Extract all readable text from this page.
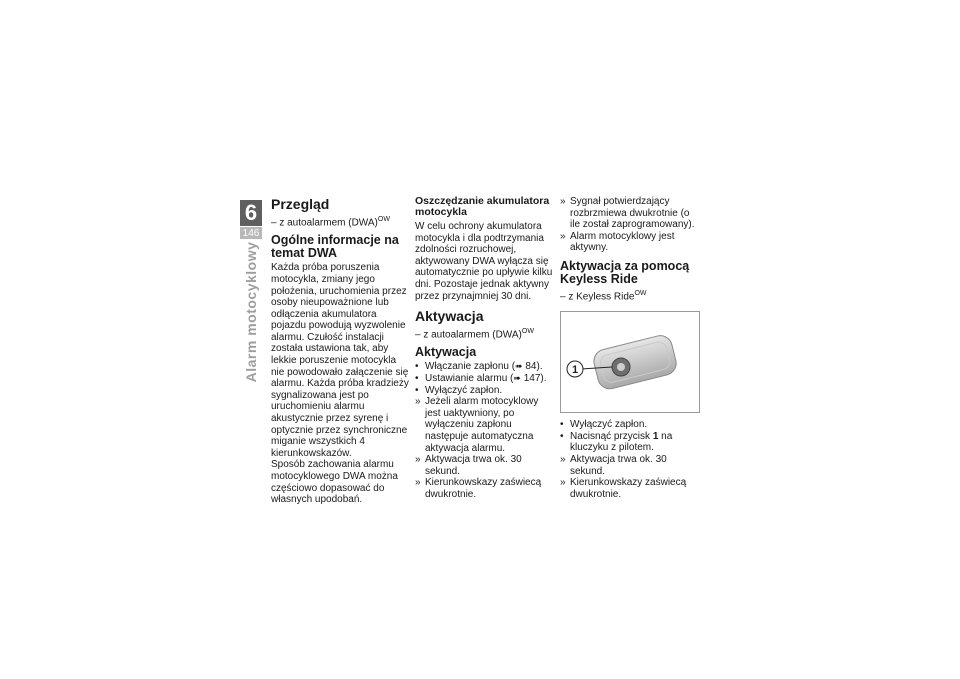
6
146
Alarm motocyklowy
Przegląd
– z autoalarmem (DWA)$^{OW}$
Ogólne informacje na temat DWA

Każda próba poruszenia motocykla, zmiany jego położenia, uruchomienia przez osoby nieupoważnione lub odłączenia akumulatora pojazdu powodują wyzwolenie alarmu. Czułość instalacji została ustawiona tak, aby lekkie poruszenie motocykla nie powodowało załączenie się alarmu. Każda próba kradzieży sygnalizowana jest po uruchomieniu alarmu akustycznie przez syrenę i optycznie przez synchroniczne miganie wszystkich 4 kierunkowskazów.

Sposób zachowania alarmu motocyklowego DWA można częściowo dopasować do własnych upodobań.

Oszczędzanie akumulatora motocykla

W celu ochrony akumulatora motocykla i dla podtrzymania zdolności rozruchowej, aktywowany DWA wyłącza się automatycznie po upływie kilku dni. Pozostaje jednak aktywny przez przynajmniej 30 dni.

Aktywacja
– z autoalarmem (DWA)$^{OW}$
Aktywacja
• Włączanie zapłonu (➠ 84).
• Ustawianie alarmu (➠ 147).
• Wyłączyć zapłon.
» Jeżeli alarm motocyklowy jest uaktywniony, po wyłączeniu zapłonu następuje automatyczna aktywacja alarmu.
» Aktywacja trwa ok. 30 sekund.
» Kierunkowskazy zaświecą dwukrotnie.
» Sygnał potwierdzający rozbrzmiewa dwukrotnie (o ile został zaprogramowany).
» Alarm motocyklowy jest aktywny.
Aktywacja za pomocą Keyless Ride
– z Keyless Ride$^{OW}$
1
• Wyłączyć zapłon.
• Nacisnąć przycisk 1 na kluczyku z pilotem.
» Aktywacja trwa ok. 30 sekund.
» Kierunkowskazy zaświecą dwukrotnie.
